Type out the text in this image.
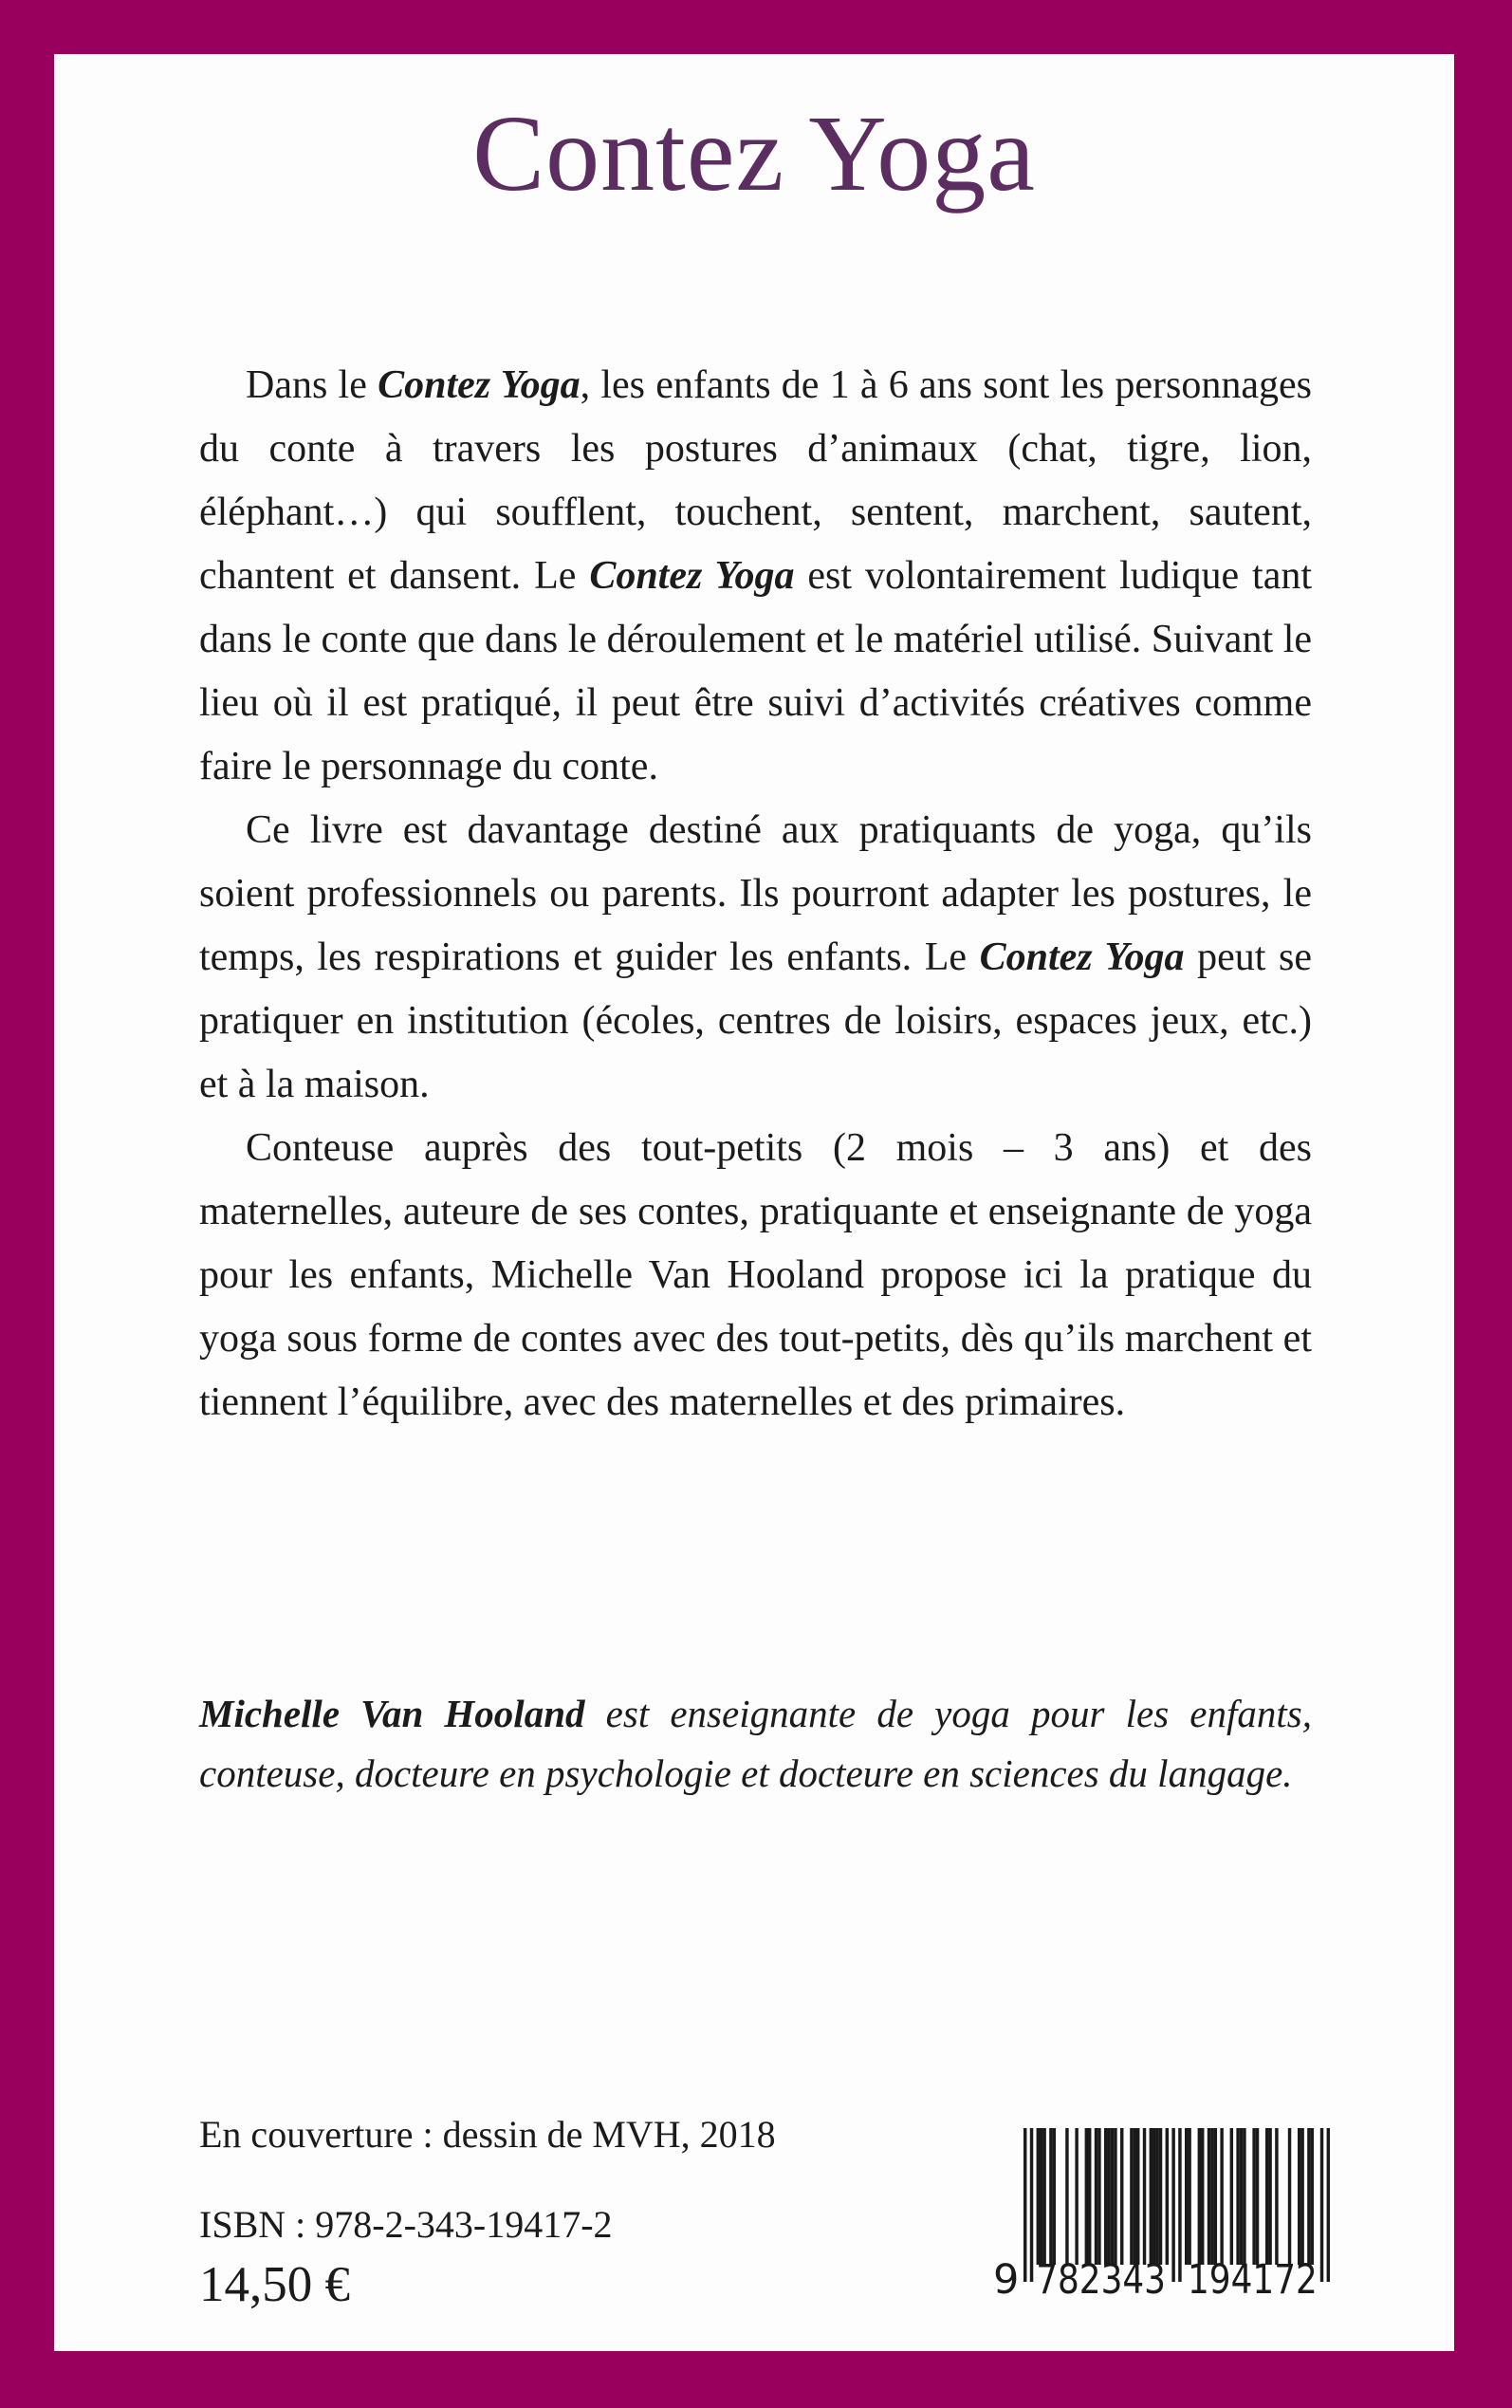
Contez Yoga

Dans le Contez Yoga, les enfants de 1 à 6 ans sont les personnages du conte à travers les postures d’animaux (chat, tigre, lion, éléphant…) qui soufflent, touchent, sentent, marchent, sautent, chantent et dansent. Le Contez Yoga est volontairement ludique tant dans le conte que dans le déroulement et le matériel utilisé. Suivant le lieu où il est pratiqué, il peut être suivi d’activités créatives comme faire le personnage du conte.

Ce livre est davantage destiné aux pratiquants de yoga, qu’ils soient professionnels ou parents. Ils pourront adapter les postures, le temps, les respirations et guider les enfants. Le Contez Yoga peut se pratiquer en institution (écoles, centres de loisirs, espaces jeux, etc.) et à la maison.

Conteuse auprès des tout-petits (2 mois – 3 ans) et des maternelles, auteure de ses contes, pratiquante et enseignante de yoga pour les enfants, Michelle Van Hooland propose ici la pratique du yoga sous forme de contes avec des tout-petits, dès qu’ils marchent et tiennent l’équilibre, avec des maternelles et des primaires.

Michelle Van Hooland est enseignante de yoga pour les enfants, conteuse, docteure en psychologie et docteure en sciences du langage.
En couverture : dessin de MVH, 2018
ISBN : 978-2-343-19417-2
14,50 €	9 782343 194172
